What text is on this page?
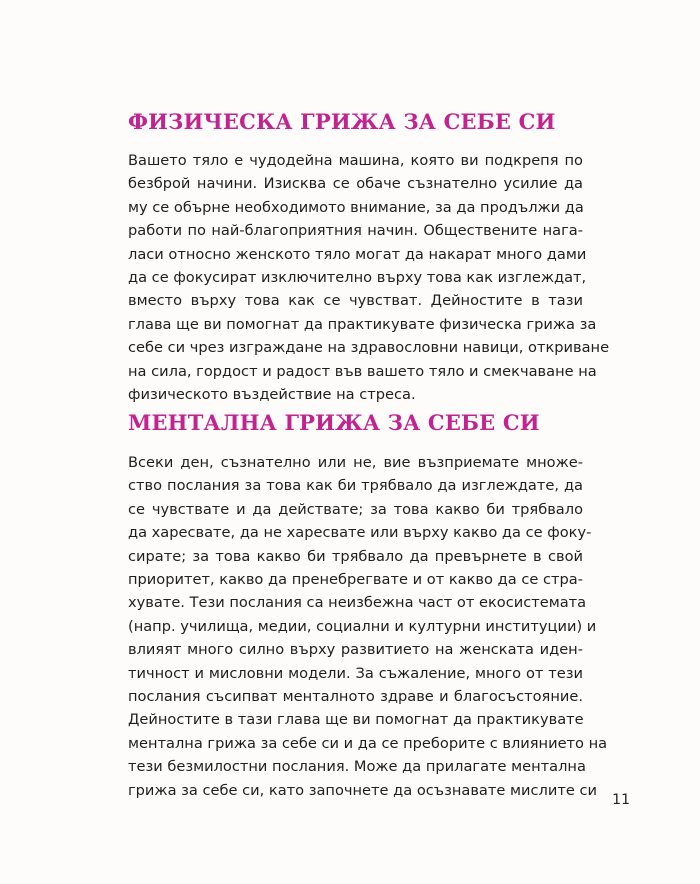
ФИЗИЧЕСКА ГРИЖА ЗА СЕБЕ СИ
Вашето тяло е чудодейна машина, която ви подкрепя по
безброй начини. Изисква се обаче съзнателно усилие да
му се обърне необходимото внимание, за да продължи да
работи по най-благоприятния начин. Обществените нага-
ласи относно женското тяло могат да накарат много дами
да се фокусират изключително върху това как изглеждат,
вместо върху това как се чувстват. Дейностите в тази
глава ще ви помогнат да практикувате физическа грижа за
себе си чрез изграждане на здравословни навици, откриване
на сила, гордост и радост във вашето тяло и смекчаване на
физическото въздействие на стреса.
МЕНТАЛНА ГРИЖА ЗА СЕБЕ СИ
Всеки ден, съзнателно или не, вие възприемате множе-
ство послания за това как би трябвало да изглеждате, да
се чувствате и да действате; за това какво би трябвало
да харесвате, да не харесвате или върху какво да се фоку-
сирате; за това какво би трябвало да превърнете в свой
приоритет, какво да пренебрегвате и от какво да се стра-
хувате. Тези послания са неизбежна част от екосистемата
(напр. училища, медии, социални и културни институции) и
влияят много силно върху развитието на женската иден-
тичност и мисловни модели. За съжаление, много от тези
послания съсипват менталното здраве и благосъстояние.
Дейностите в тази глава ще ви помогнат да практикувате
ментална грижа за себе си и да се преборите с влиянието на
тези безмилостни послания. Може да прилагате ментална
грижа за себе си, като започнете да осъзнавате мислите си
11
